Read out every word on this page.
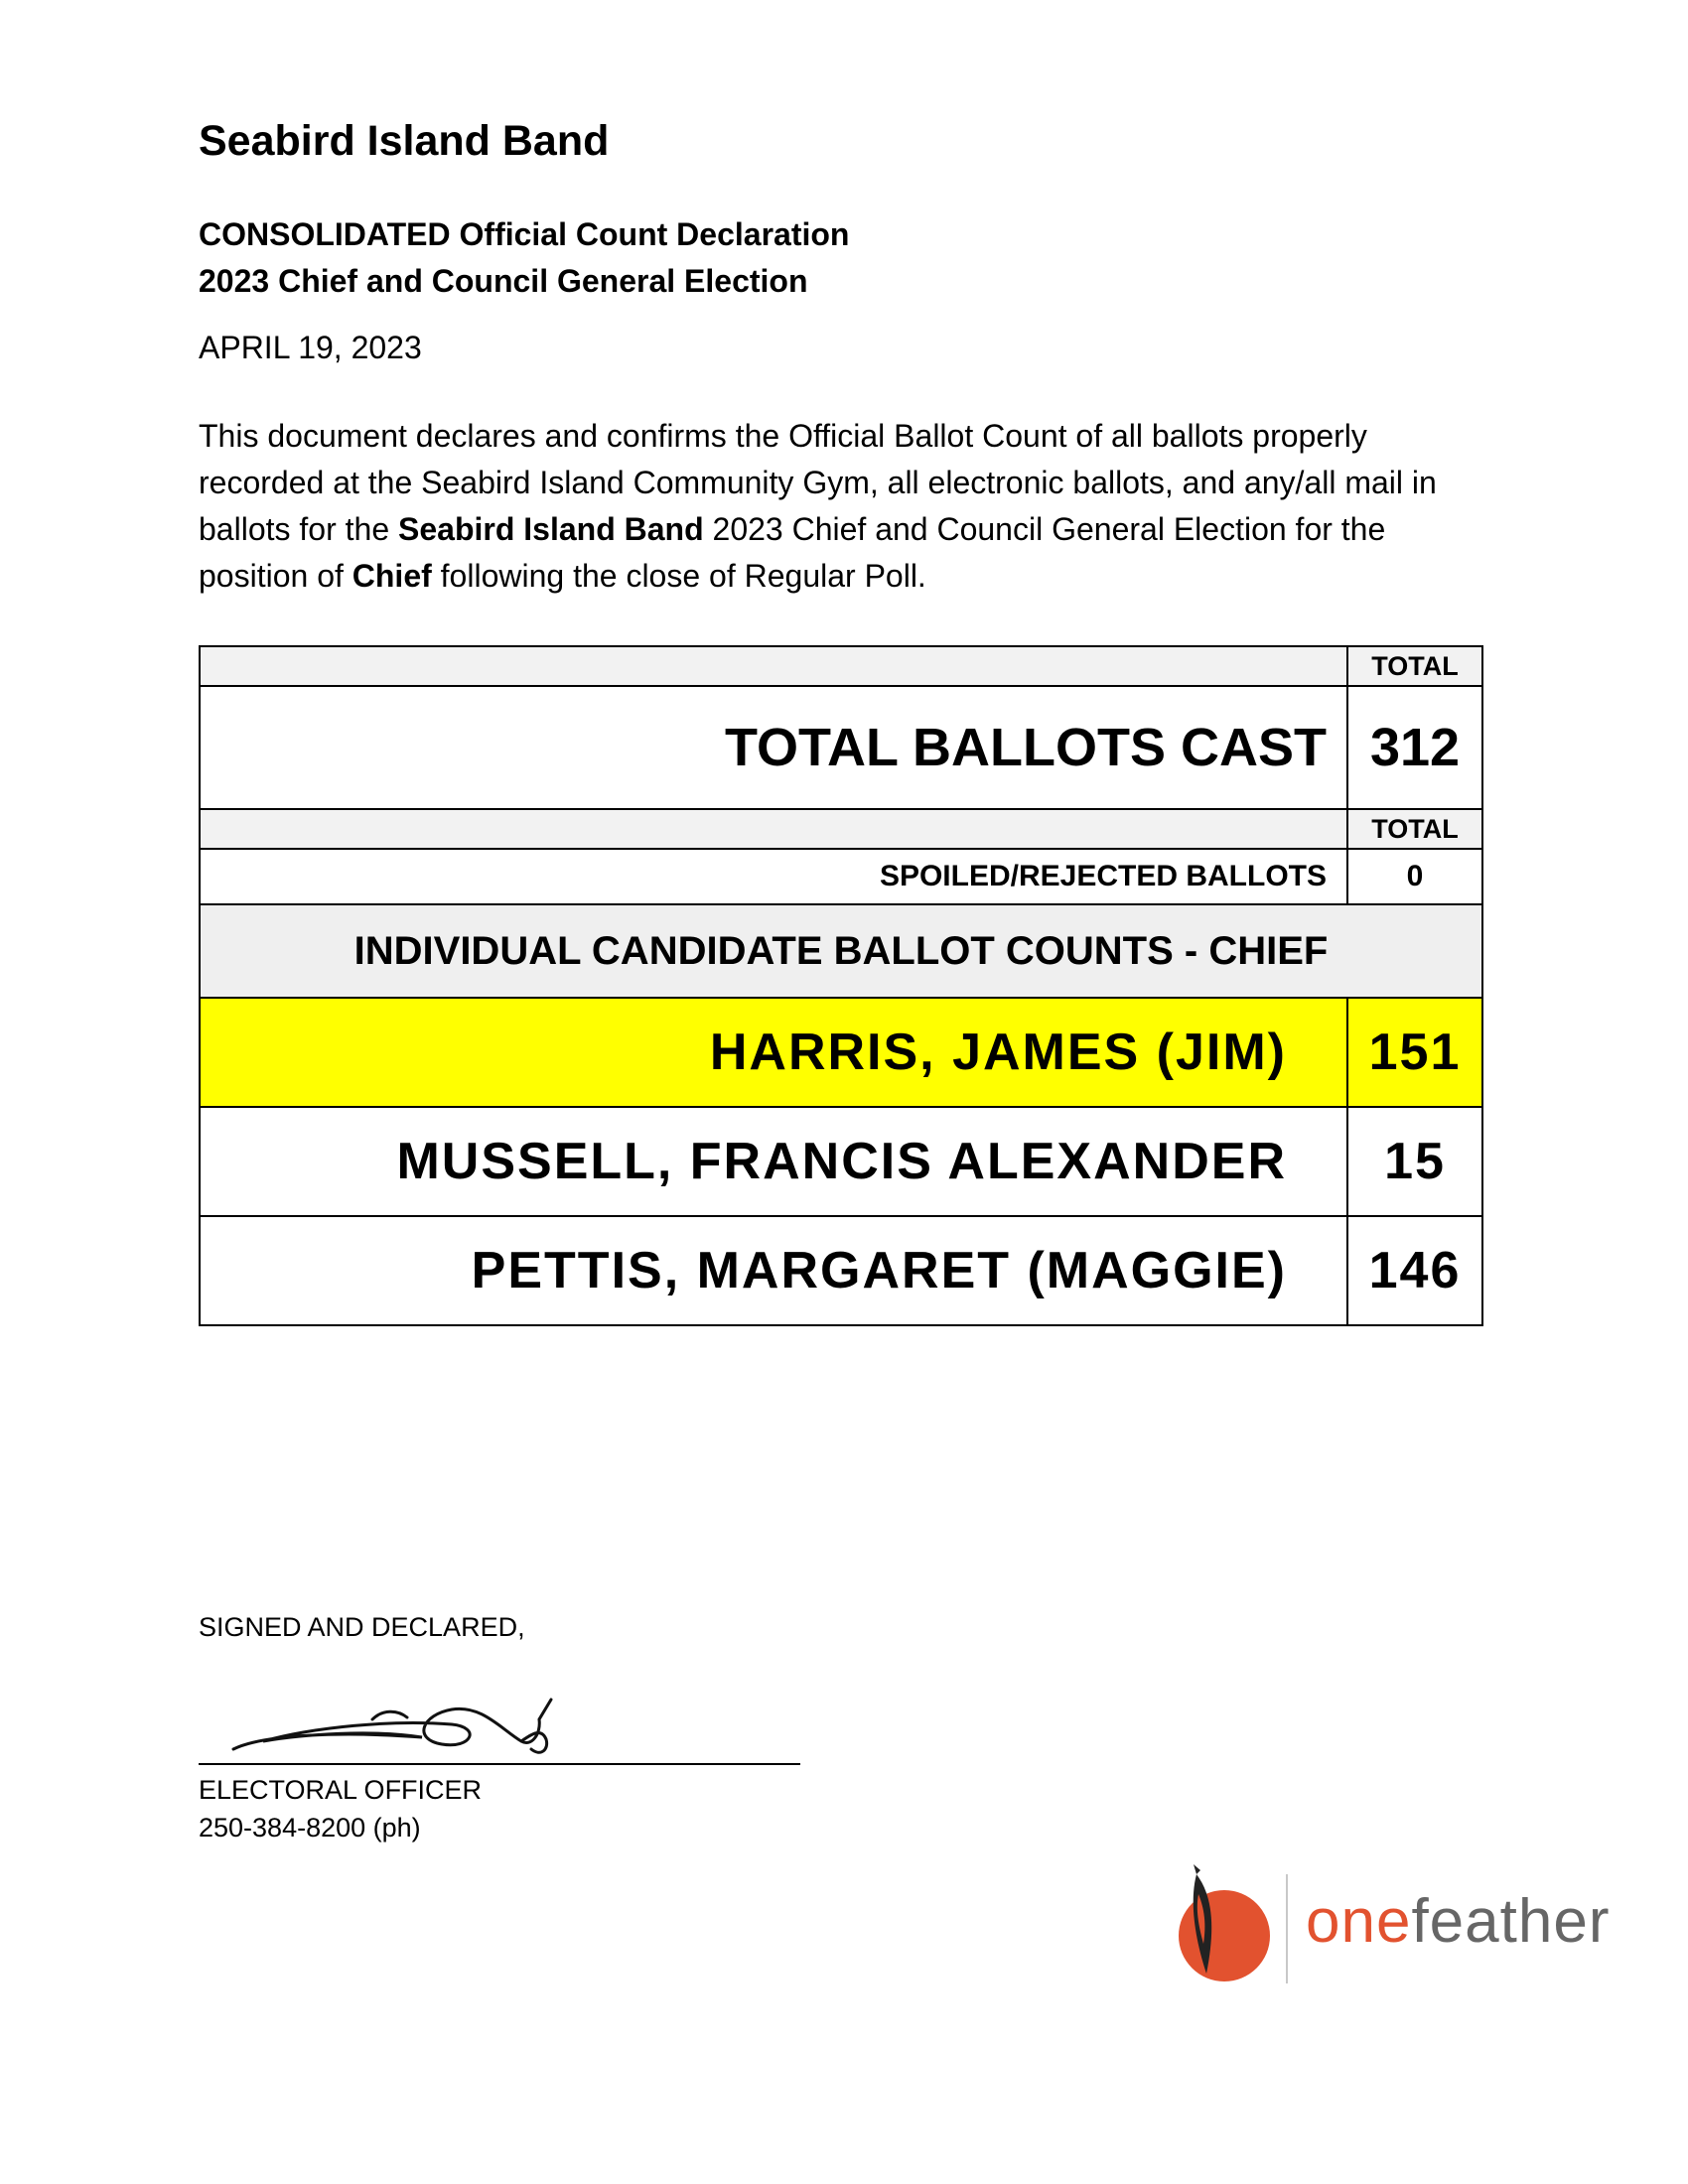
Seabird Island Band
CONSOLIDATED Official Count Declaration
2023 Chief and Council General Election
APRIL 19, 2023
This document declares and confirms the Official Ballot Count of all ballots properly recorded at the Seabird Island Community Gym, all electronic ballots, and any/all mail in ballots for the Seabird Island Band 2023 Chief and Council General Election for the position of Chief following the close of Regular Poll.
	TOTAL
TOTAL BALLOTS CAST	312
	TOTAL
SPOILED/REJECTED BALLOTS	0
INDIVIDUAL CANDIDATE BALLOT COUNTS - CHIEF	
HARRIS, JAMES (JIM)	151
MUSSELL, FRANCIS ALEXANDER	15
PETTIS, MARGARET (MAGGIE)	146
SIGNED AND DECLARED,
ELECTORAL OFFICER
250-384-8200 (ph)
onefeather
